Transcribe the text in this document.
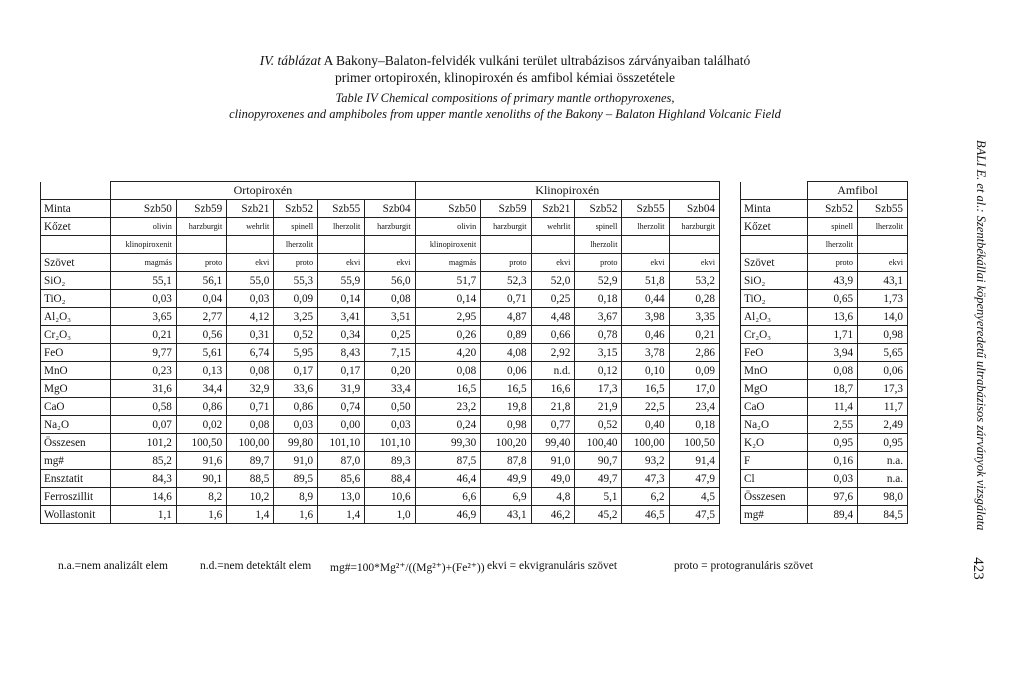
IV. táblázat A Bakony–Balaton-felvidék vulkáni terület ultrabázisos zárványaiban található
primer ortopiroxén, klinopiroxén és amfibol kémiai összetétele
Table IV Chemical compositions of primary mantle orthopyroxenes,
clinopyroxenes and amphiboles from upper mantle xenoliths of the Bakony – Balaton Highland Volcanic Field
	Ortopiroxén						Klinopiroxén					
Minta	Szb50	Szb59	Szb21	Szb52	Szb55	Szb04	Szb50	Szb59	Szb21	Szb52	Szb55	Szb04
Kőzet	olivin	harzburgit	wehrlit	spinell	lherzolit	harzburgit	olivin	harzburgit	wehrlit	spinell	lherzolit	harzburgit
	klinopiroxenit			lherzolit			klinopiroxenit			lherzolit		
Szövet	magmás	proto	ekvi	proto	ekvi	ekvi	magmás	proto	ekvi	proto	ekvi	ekvi
SiO₂	55,1	56,1	55,0	55,3	55,9	56,0	51,7	52,3	52,0	52,9	51,8	53,2
TiO₂	0,03	0,04	0,03	0,09	0,14	0,08	0,14	0,71	0,25	0,18	0,44	0,28
Al₂O₃	3,65	2,77	4,12	3,25	3,41	3,51	2,95	4,87	4,48	3,67	3,98	3,35
Cr₂O₃	0,21	0,56	0,31	0,52	0,34	0,25	0,26	0,89	0,66	0,78	0,46	0,21
FeO	9,77	5,61	6,74	5,95	8,43	7,15	4,20	4,08	2,92	3,15	3,78	2,86
MnO	0,23	0,13	0,08	0,17	0,17	0,20	0,08	0,06	n.d.	0,12	0,10	0,09
MgO	31,6	34,4	32,9	33,6	31,9	33,4	16,5	16,5	16,6	17,3	16,5	17,0
CaO	0,58	0,86	0,71	0,86	0,74	0,50	23,2	19,8	21,8	21,9	22,5	23,4
Na₂O	0,07	0,02	0,08	0,03	0,00	0,03	0,24	0,98	0,77	0,52	0,40	0,18
Összesen	101,2	100,50	100,00	99,80	101,10	101,10	99,30	100,20	99,40	100,40	100,00	100,50
mg#	85,2	91,6	89,7	91,0	87,0	89,3	87,5	87,8	91,0	90,7	93,2	91,4
Ensztatit	84,3	90,1	88,5	89,5	85,6	88,4	46,4	49,9	49,0	49,7	47,3	47,9
Ferroszillit	14,6	8,2	10,2	8,9	13,0	10,6	6,6	6,9	4,8	5,1	6,2	4,5
Wollastonit	1,1	1,6	1,4	1,6	1,4	1,0	46,9	43,1	46,2	45,2	46,5	47,5
	Amfibol	
Minta	Szb52	Szb55
Kőzet	spinell	lherzolit
	lherzolit	
Szövet	proto	ekvi
SiO₂	43,9	43,1
TiO₂	0,65	1,73
Al₂O₃	13,6	14,0
Cr₂O₃	1,71	0,98
FeO	3,94	5,65
MnO	0,08	0,06
MgO	18,7	17,3
CaO	11,4	11,7
Na₂O	2,55	2,49
K₂O	0,95	0,95
F	0,16	n.a.
Cl	0,03	n.a.
Összesen	97,6	98,0
mg#	89,4	84,5
n.a.=nem analizált elem	n.d.=nem detektált elem mg#=100*Mg²⁺/((Mg²⁺)+(Fe²⁺)) ekvi = ekvigranuláris szövet	proto = protogranuláris szövet
BALI E. et al.: Szentbékállai köpenyeredetű ultrabázisos zárványok vizsgálata
423
